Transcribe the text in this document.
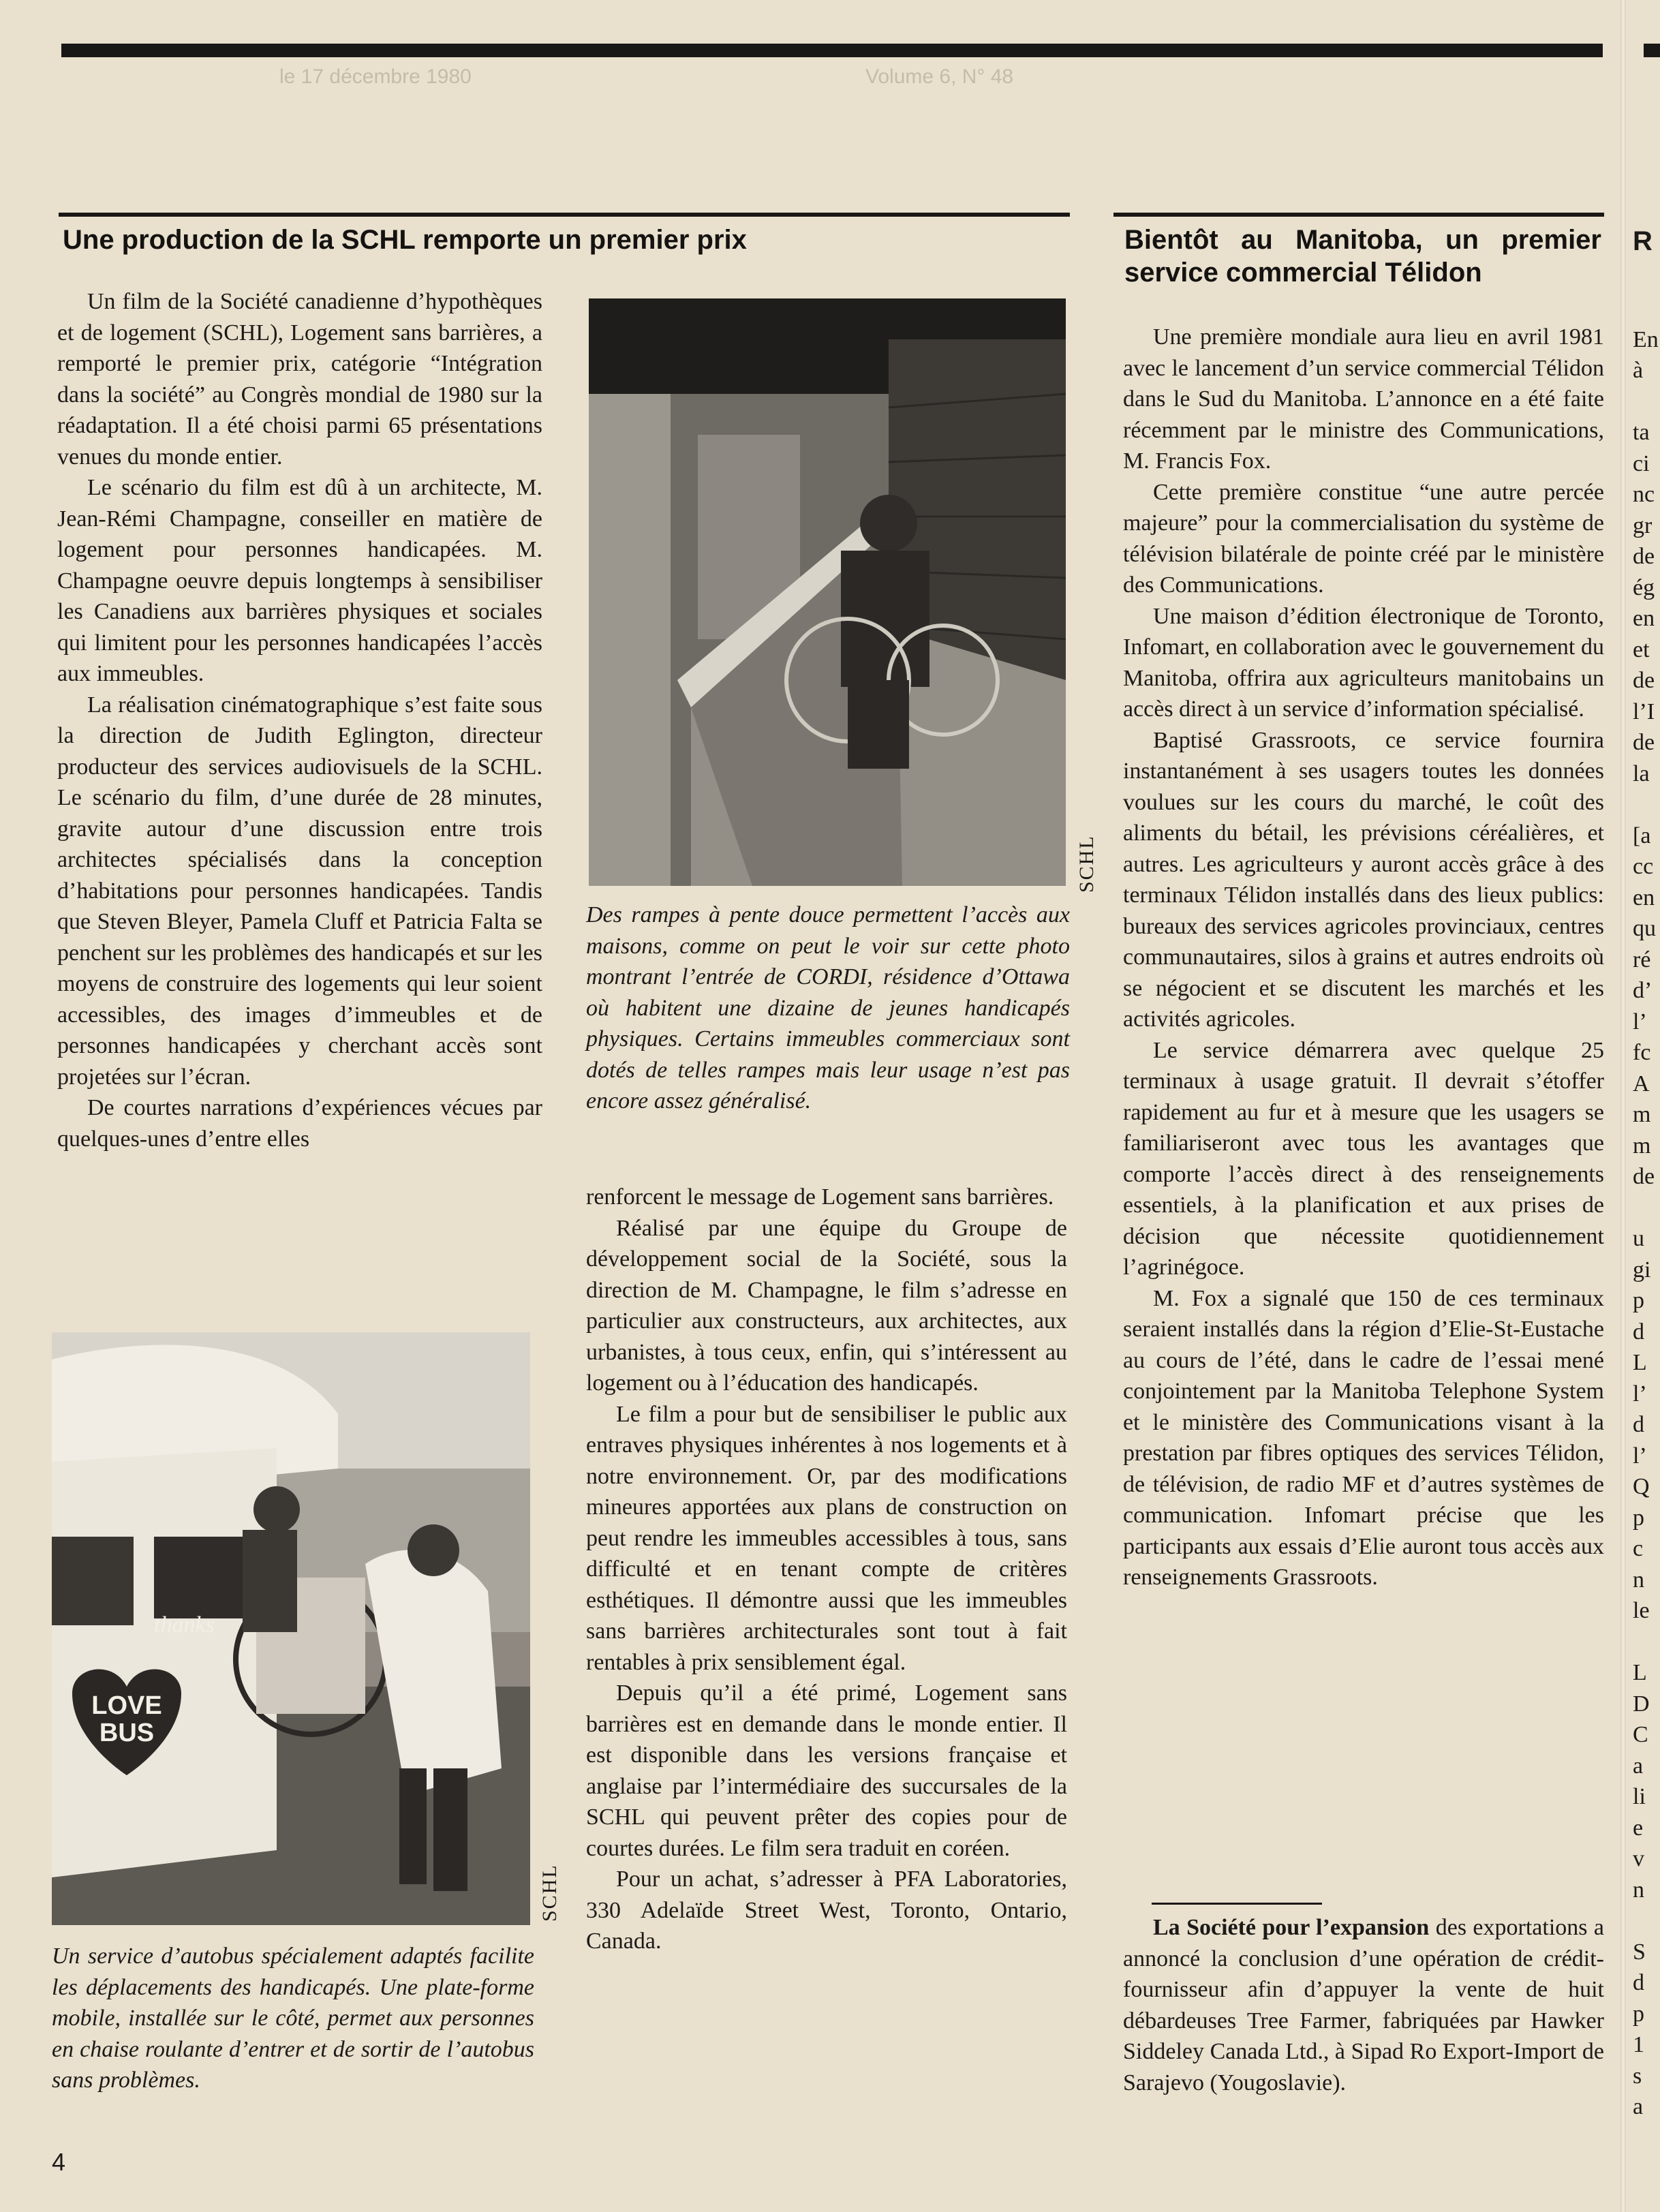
Volume 6, N° 48
le 17 décembre 1980
Une production de la SCHL remporte un premier prix

Un film de la Société canadienne d’hypothèques et de logement (SCHL), Logement sans barrières, a remporté le premier prix, catégorie “Intégration dans la société” au Congrès mondial de 1980 sur la réadaptation. Il a été choisi parmi 65 présentations venues du monde entier.

Le scénario du film est dû à un architecte, M. Jean-Rémi Champagne, conseiller en matière de logement pour personnes handicapées. M. Champagne oeuvre depuis longtemps à sensibiliser les Canadiens aux barrières physiques et sociales qui limitent pour les personnes handicapées l’accès aux immeubles.

La réalisation cinématographique s’est faite sous la direction de Judith Eglington, directeur producteur des services audiovisuels de la SCHL. Le scénario du film, d’une durée de 28 minutes, gravite autour d’une discussion entre trois architectes spécialisés dans la conception d’habitations pour personnes handicapées. Tandis que Steven Bleyer, Pamela Cluff et Patricia Falta se penchent sur les problèmes des handicapés et sur les moyens de construire des logements qui leur soient accessibles, des images d’immeubles et de personnes handicapées y cherchant accès sont projetées sur l’écran.

De courtes narrations d’expériences vécues par quelques-unes d’entre elles

LOVE
BUS
thanks
SCHL
Un service d’autobus spécialement adaptés facilite les déplacements des handicapés. Une plate-forme mobile, installée sur le côté, permet aux personnes en chaise roulante d’entrer et de sortir de l’autobus sans problèmes.
SCHL
Des rampes à pente douce permettent l’accès aux maisons, comme on peut le voir sur cette photo montrant l’entrée de CORDI, résidence d’Ottawa où habitent une dizaine de jeunes handicapés physiques. Certains immeubles commerciaux sont dotés de telles rampes mais leur usage n’est pas encore assez généralisé.

renforcent le message de Logement sans barrières.

Réalisé par une équipe du Groupe de développement social de la Société, sous la direction de M. Champagne, le film s’adresse en particulier aux constructeurs, aux architectes, aux urbanistes, à tous ceux, enfin, qui s’intéressent au logement ou à l’éducation des handicapés.

Le film a pour but de sensibiliser le public aux entraves physiques inhérentes à nos logements et à notre environnement. Or, par des modifications mineures apportées aux plans de construction on peut rendre les immeubles accessibles à tous, sans difficulté et en tenant compte de critères esthétiques. Il démontre aussi que les immeubles sans barrières architecturales sont tout à fait rentables à prix sensiblement égal.

Depuis qu’il a été primé, Logement sans barrières est en demande dans le monde entier. Il est disponible dans les versions française et anglaise par l’intermédiaire des succursales de la SCHL qui peuvent prêter des copies pour de courtes durées. Le film sera traduit en coréen.

Pour un achat, s’adresser à PFA Laboratories, 330 Adelaïde Street West, Toronto, Ontario, Canada.

Bientôt au Manitoba, un premier service commercial Télidon

Une première mondiale aura lieu en avril 1981 avec le lancement d’un service commercial Télidon dans le Sud du Manitoba. L’annonce en a été faite récemment par le ministre des Communications, M. Francis Fox.

Cette première constitue “une autre percée majeure” pour la commercialisation du système de télévision bilatérale de pointe créé par le ministère des Communications.

Une maison d’édition électronique de Toronto, Infomart, en collaboration avec le gouvernement du Manitoba, offrira aux agriculteurs manitobains un accès direct à un service d’information spécialisé.

Baptisé Grassroots, ce service fournira instantanément à ses usagers toutes les données voulues sur les cours du marché, le coût des aliments du bétail, les prévisions céréalières, et autres. Les agriculteurs y auront accès grâce à des terminaux Télidon installés dans des lieux publics: bureaux des services agricoles provinciaux, centres communautaires, silos à grains et autres endroits où se négocient et se discutent les marchés et les activités agricoles.

Le service démarrera avec quelque 25 terminaux à usage gratuit. Il devrait s’étoffer rapidement au fur et à mesure que les usagers se familiariseront avec tous les avantages que comporte l’accès direct à des renseignements essentiels, à la planification et aux prises de décision que nécessite quotidiennement l’agrinégoce.

M. Fox a signalé que 150 de ces terminaux seraient installés dans la région d’Elie-St-Eustache au cours de l’été, dans le cadre de l’essai mené conjointement par la Manitoba Telephone System et le ministère des Communications visant à la prestation par fibres optiques des services Télidon, de télévision, de radio MF et d’autres systèmes de communication. Infomart précise que les participants aux essais d’Elie auront tous accès aux renseignements Grassroots.

La Société pour l’expansion des exportations a annoncé la conclusion d’une opération de crédit-fournisseur afin d’appuyer la vente de huit débardeuses Tree Farmer, fabriquées par Hawker Siddeley Canada Ltd., à Sipad Ro Export-Import de Sarajevo (Yougoslavie).

R
En
à
ta
ci
nc
gr
de
ég
en
et
de
l’I
de
la
[a
cc
en
qu
ré
d’
l’
fc
A
m
m
de
u
gi
p
d
L
l’
d
l’
Q
p
c
n
le
L
D
C
a
li
e
v
n
S
d
p
1
s
a
4
